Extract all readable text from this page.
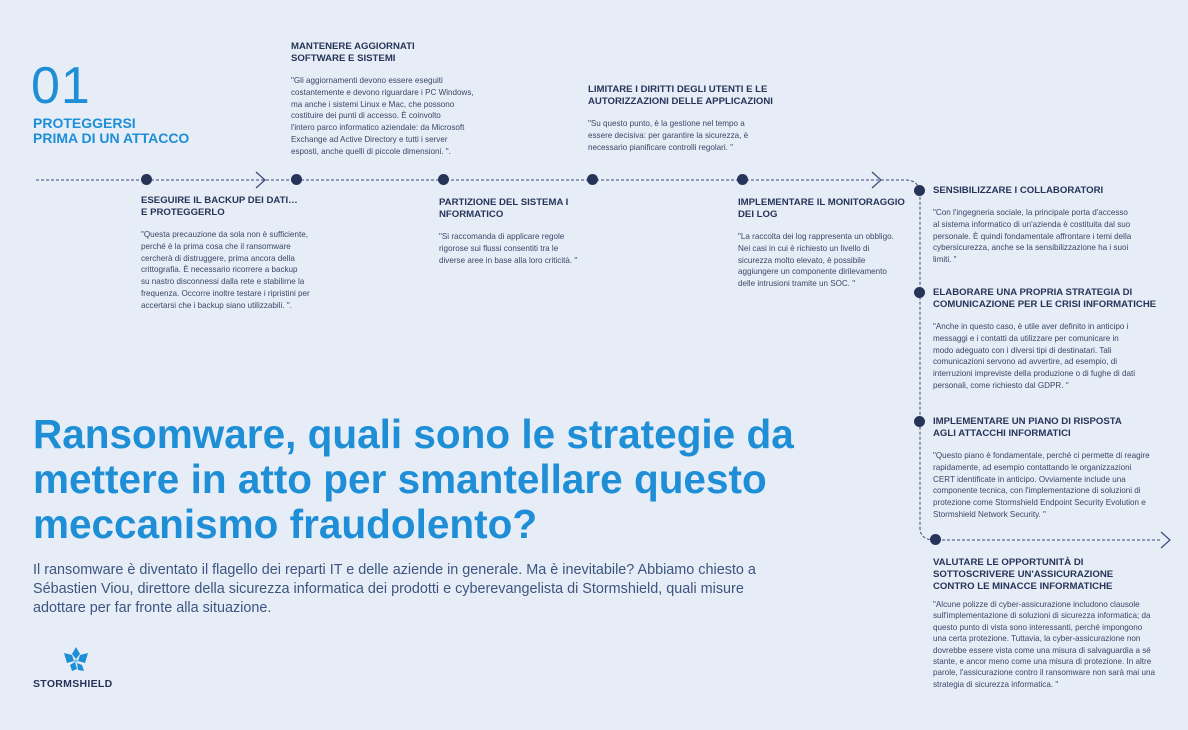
01
PROTEGGERSI
PRIMA DI UN ATTACCO
ESEGUIRE IL BACKUP DEI DATI…
E PROTEGGERLO
"Questa precauzione da sola non è sufficiente,
perché è la prima cosa che il ransomware
cercherà di distruggere, prima ancora della
crittografia. È necessario ricorrere a backup
su nastro disconnessi dalla rete e stabilirne la
frequenza. Occorre inoltre testare i ripristini per
accertarsi che i backup siano utilizzabili. ".
MANTENERE AGGIORNATI
SOFTWARE E SISTEMI
"Gli aggiornamenti devono essere eseguiti
costantemente e devono riguardare i PC Windows,
ma anche i sistemi Linux e Mac, che possono
costituire dei punti di accesso. È coinvolto
l'intero parco informatico aziendale: da Microsoft
Exchange ad Active Directory e tutti i server
esposti, anche quelli di piccole dimensioni. ".
PARTIZIONE DEL SISTEMA I
NFORMATICO
"Si raccomanda di applicare regole
rigorose sui flussi consentiti tra le
diverse aree in base alla loro criticità. "
LIMITARE I DIRITTI DEGLI UTENTI E LE
AUTORIZZAZIONI DELLE APPLICAZIONI
"Su questo punto, è la gestione nel tempo a
essere decisiva: per garantire la sicurezza, è
necessario pianificare controlli regolari. "
IMPLEMENTARE IL MONITORAGGIO
DEI LOG
"La raccolta dei log rappresenta un obbligo.
Nei casi in cui è richiesto un livello di
sicurezza molto elevato, è possibile
aggiungere un componente dirilevamento
delle intrusioni tramite un SOC. "
SENSIBILIZZARE I COLLABORATORI
"Con l'ingegneria sociale, la principale porta d'accesso
al sistema informatico di un'azienda è costituita dal suo
personale. È quindi fondamentale affrontare i temi della
cybersicurezza, anche se la sensibilizzazione ha i suoi
limiti. "
ELABORARE UNA PROPRIA STRATEGIA DI
COMUNICAZIONE PER LE CRISI INFORMATICHE
"Anche in questo caso, è utile aver definito in anticipo i
messaggi e i contatti da utilizzare per comunicare in
modo adeguato con i diversi tipi di destinatari. Tali
comunicazioni servono ad avvertire, ad esempio, di
interruzioni impreviste della produzione o di fughe di dati
personali, come richiesto dal GDPR. "
IMPLEMENTARE UN PIANO DI RISPOSTA
AGLI ATTACCHI INFORMATICI
"Questo piano è fondamentale, perché ci permette di reagire
rapidamente, ad esempio contattando le organizzazioni
CERT identificate in anticipo. Ovviamente include una
componente tecnica, con l'implementazione di soluzioni di
protezione come Stormshield Endpoint Security Evolution e
Stormshield Network Security. "
VALUTARE LE OPPORTUNITÀ DI
SOTTOSCRIVERE UN'ASSICURAZIONE
CONTRO LE MINACCE INFORMATICHE
"Alcune polizze di cyber-assicurazione includono clausole
sull'implementazione di soluzioni di sicurezza informatica; da
questo punto di vista sono interessanti, perché impongono
una certa protezione. Tuttavia, la cyber-assicurazione non
dovrebbe essere vista come una misura di salvaguardia a sé
stante, e ancor meno come una misura di protezione. In altre
parole, l'assicurazione contro il ransomware non sarà mai una
strategia di sicurezza informatica. "
Ransomware, quali sono le strategie da
mettere in atto per smantellare questo
meccanismo fraudolento?
Il ransomware è diventato il flagello dei reparti IT e delle aziende in generale. Ma è inevitabile? Abbiamo chiesto a
Sébastien Viou, direttore della sicurezza informatica dei prodotti e cyberevangelista di Stormshield, quali misure
adottare per far fronte alla situazione.
STORMSHIELD
